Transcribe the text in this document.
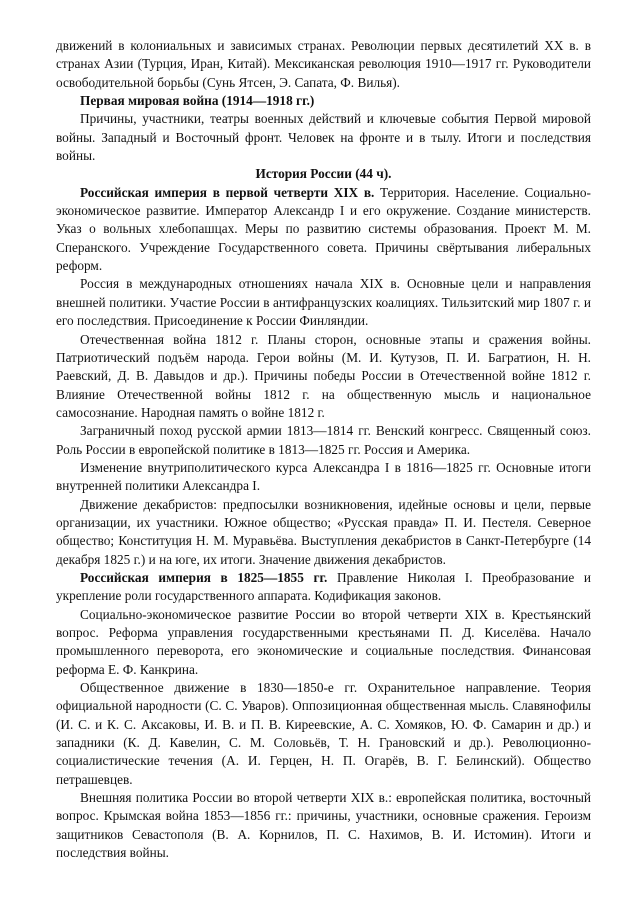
движений в колониальных и зависимых странах. Революции первых десятилетий XX в. в странах Азии (Турция, Иран, Китай). Мексиканская революция 1910—1917 гг. Руководители освободительной борьбы (Сунь Ятсен, Э. Сапата, Ф. Вилья).

Первая мировая война (1914—1918 гг.)

Причины, участники, театры военных действий и ключевые события Первой мировой войны. Западный и Восточный фронт. Человек на фронте и в тылу. Итоги и последствия войны.

История России (44 ч).

Российская империя в первой четверти XIX в. Территория. Население. Социально-экономическое развитие. Император Александр I и его окружение. Создание министерств. Указ о вольных хлебопашцах. Меры по развитию системы образования. Проект М. М. Сперанского. Учреждение Государственного совета. Причины свёртывания либеральных реформ.

Россия в международных отношениях начала XIX в. Основные цели и направления внешней политики. Участие России в антифранцузских коалициях. Тильзитский мир 1807 г. и его последствия. Присоединение к России Финляндии.

Отечественная война 1812 г. Планы сторон, основные этапы и сражения войны. Патриотический подъём народа. Герои войны (М. И. Кутузов, П. И. Багратион, Н. Н. Раевский, Д. В. Давыдов и др.). Причины победы России в Отечественной войне 1812 г. Влияние Отечественной войны 1812 г. на общественную мысль и национальное самосознание. Народная память о войне 1812 г.

Заграничный поход русской армии 1813—1814 гг. Венский конгресс. Священный союз. Роль России в европейской политике в 1813—1825 гг. Россия и Америка.

Изменение внутриполитического курса Александра I в 1816—1825 гг. Основные итоги внутренней политики Александра I.

Движение декабристов: предпосылки возникновения, идейные основы и цели, первые организации, их участники. Южное общество; «Русская правда» П. И. Пестеля. Северное общество; Конституция Н. М. Муравьёва. Выступления декабристов в Санкт-Петербурге (14 декабря 1825 г.) и на юге, их итоги. Значение движения декабристов.

Российская империя в 1825—1855 гг. Правление Николая I. Преобразование и укрепление роли государственного аппарата. Кодификация законов.

Социально-экономическое развитие России во второй четверти XIX в. Крестьянский вопрос. Реформа управления государственными крестьянами П. Д. Киселёва. Начало промышленного переворота, его экономические и социальные последствия. Финансовая реформа Е. Ф. Канкрина.

Общественное движение в 1830—1850-е гг. Охранительное направление. Теория официальной народности (С. С. Уваров). Оппозиционная общественная мысль. Славянофилы (И. С. и К. С. Аксаковы, И. В. и П. В. Киреевские, А. С. Хомяков, Ю. Ф. Самарин и др.) и западники (К. Д. Кавелин, С. М. Соловьёв, Т. Н. Грановский и др.). Революционно-социалистические течения (А. И. Герцен, Н. П. Огарёв, В. Г. Белинский). Общество петрашевцев.

Внешняя политика России во второй четверти XIX в.: европейская политика, восточный вопрос. Крымская война 1853—1856 гг.: причины, участники, основные сражения. Героизм защитников Севастополя (В. А. Корнилов, П. С. Нахимов, В. И. Истомин). Итоги и последствия войны.
